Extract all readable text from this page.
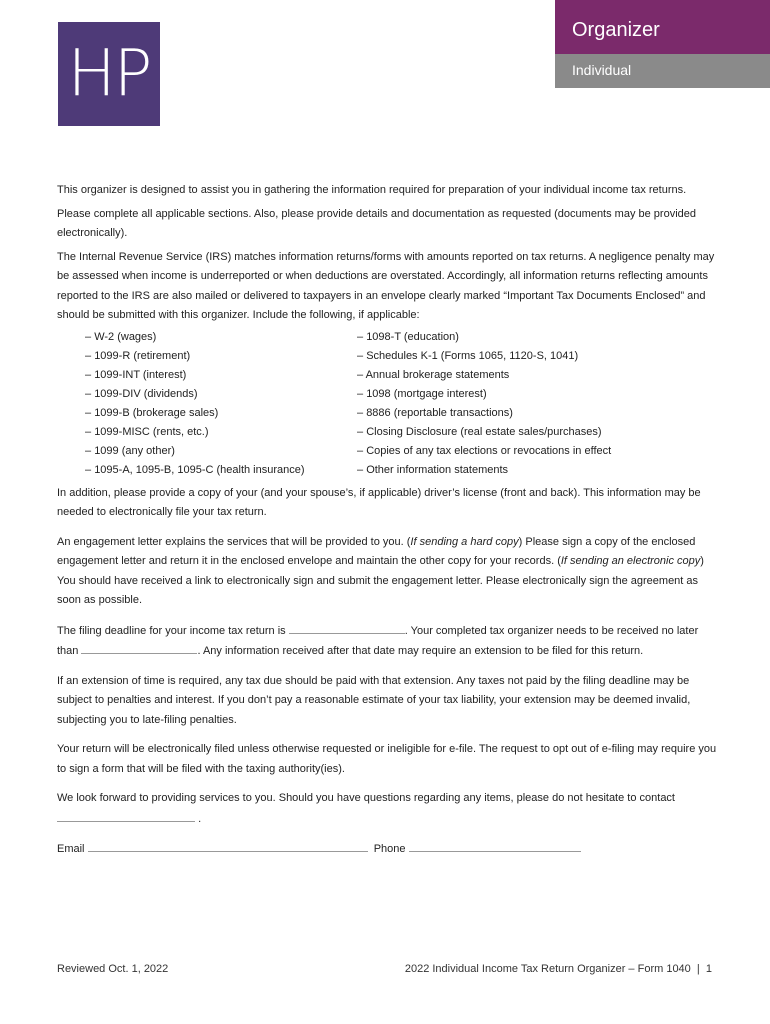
HP
Organizer
Individual

This organizer is designed to assist you in gathering the information required for preparation of your individual income tax returns.

Please complete all applicable sections. Also, please provide details and documentation as requested (documents may be provided electronically).

The Internal Revenue Service (IRS) matches information returns/forms with amounts reported on tax returns. A negligence penalty may be assessed when income is underreported or when deductions are overstated. Accordingly, all information returns reflecting amounts reported to the IRS are also mailed or delivered to taxpayers in an envelope clearly marked “Important Tax Documents Enclosed” and should be submitted with this organizer. Include the following, if applicable:

– W-2 (wages)
– 1099-R (retirement)
– 1099-INT (interest)
– 1099-DIV (dividends)
– 1099-B (brokerage sales)
– 1099-MISC (rents, etc.)
– 1099 (any other)
– 1095-A, 1095-B, 1095-C (health insurance)
– 1098-T (education)
– Schedules K-1 (Forms 1065, 1120-S, 1041)
– Annual brokerage statements
– 1098 (mortgage interest)
– 8886 (reportable transactions)
– Closing Disclosure (real estate sales/purchases)
– Copies of any tax elections or revocations in effect
– Other information statements

In addition, please provide a copy of your (and your spouse’s, if applicable) driver’s license (front and back). This information may be needed to electronically file your tax return.

An engagement letter explains the services that will be provided to you. (If sending a hard copy) Please sign a copy of the enclosed engagement letter and return it in the enclosed envelope and maintain the other copy for your records. (If sending an electronic copy) You should have received a link to electronically sign and submit the engagement letter. Please electronically sign the agreement as soon as possible.

The filing deadline for your income tax return is	. Your completed tax organizer needs to be received no later than	. Any information received after that date may require an extension to be filed for this return.

If an extension of time is required, any tax due should be paid with that extension. Any taxes not paid by the filing deadline may be subject to penalties and interest. If you don’t pay a reasonable estimate of your tax liability, your extension may be deemed invalid, subjecting you to late-filing penalties.

Your return will be electronically filed unless otherwise requested or ineligible for e-file. The request to opt out of e-filing may require you to sign a form that will be filed with the taxing authority(ies).

We look forward to providing services to you. Should you have questions regarding any items, please do not hesitate to contact  .

Email	Phone

Reviewed Oct. 1, 2022	2022 Individual Income Tax Return Organizer – Form 1040  |  1
